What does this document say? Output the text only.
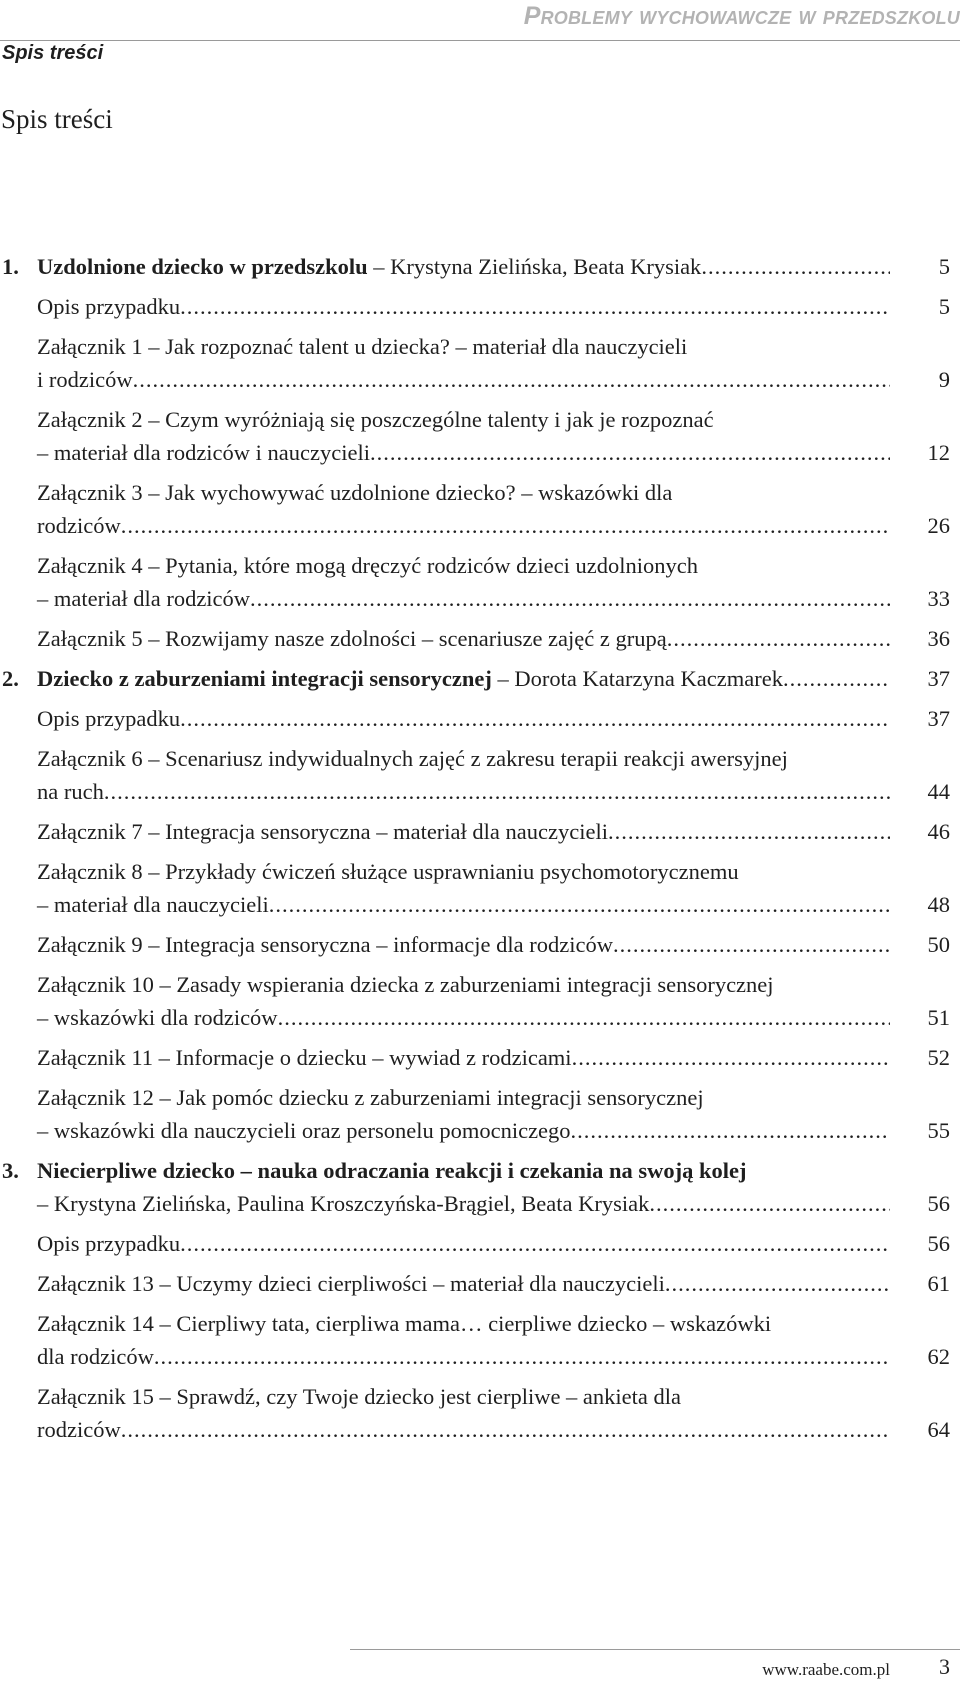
Problemy wychowawcze w przedszkolu
Spis treści
Spis treści
1. Uzdolnione dziecko w przedszkolu – Krystyna Zielińska, Beata Krysiak .....	5
Opis przypadku .....	5
Załącznik 1 – Jak rozpoznać talent u dziecka? – materiał dla nauczycieli
i rodziców .....	9
Załącznik 2 – Czym wyróżniają się poszczególne talenty i jak je rozpoznać
– materiał dla rodziców i nauczycieli .....	12
Załącznik 3 – Jak wychowywać uzdolnione dziecko? – wskazówki dla
rodziców .....	26
Załącznik 4 – Pytania, które mogą dręczyć rodziców dzieci uzdolnionych
– materiał dla rodziców .....	33
Załącznik 5 – Rozwijamy nasze zdolności – scenariusze zajęć z grupą .....	36
2. Dziecko z zaburzeniami integracji sensorycznej – Dorota Katarzyna Kaczmarek .....	37
Opis przypadku .....	37
Załącznik 6 – Scenariusz indywidualnych zajęć z zakresu terapii reakcji awersyjnej
na ruch .....	44
Załącznik 7 – Integracja sensoryczna – materiał dla nauczycieli .....	46
Załącznik 8 – Przykłady ćwiczeń służące usprawnianiu psychomotorycznemu
– materiał dla nauczycieli .....	48
Załącznik 9 – Integracja sensoryczna – informacje dla rodziców .....	50
Załącznik 10 – Zasady wspierania dziecka z zaburzeniami integracji sensorycznej
– wskazówki dla rodziców .....	51
Załącznik 11 – Informacje o dziecku – wywiad z rodzicami .....	52
Załącznik 12 – Jak pomóc dziecku z zaburzeniami integracji sensorycznej
– wskazówki dla nauczycieli oraz personelu pomocniczego .....	55
3. Niecierpliwe dziecko – nauka odraczania reakcji i czekania na swoją kolej
– Krystyna Zielińska, Paulina Kroszczyńska-Brągiel, Beata Krysiak .....	56
Opis przypadku .....	56
Załącznik 13 – Uczymy dzieci cierpliwości – materiał dla nauczycieli .....	61
Załącznik 14 – Cierpliwy tata, cierpliwa mama… cierpliwe dziecko – wskazówki
dla rodziców .....	62
Załącznik 15 – Sprawdź, czy Twoje dziecko jest cierpliwe – ankieta dla
rodziców .....	64
www.raabe.com.pl 3
